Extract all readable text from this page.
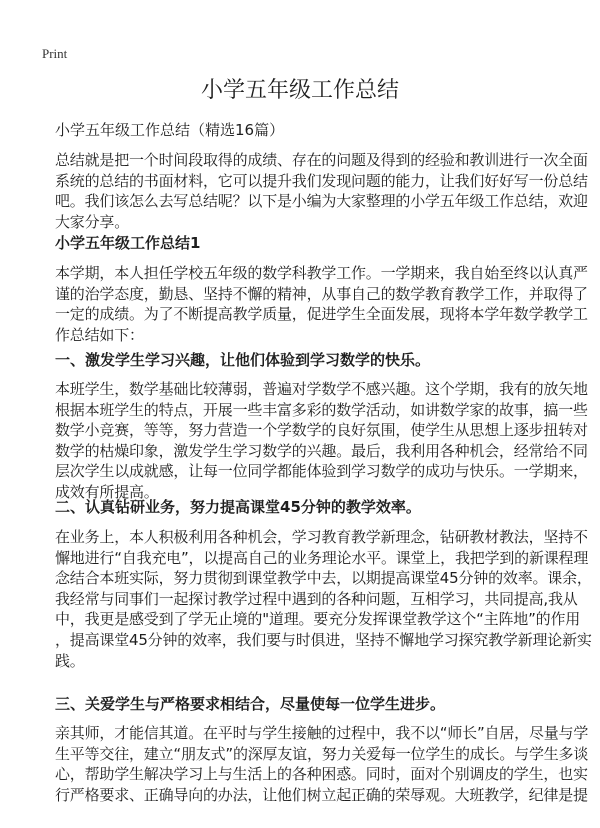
Print
小学五年级工作总结
小学五年级工作总结（精选16篇）
总结就是把一个时间段取得的成绩、存在的问题及得到的经验和教训进行一次全面
系统的总结的书面材料，它可以提升我们发现问题的能力，让我们好好写一份总结
吧。我们该怎么去写总结呢？以下是小编为大家整理的小学五年级工作总结，欢迎
大家分享。
小学五年级工作总结1
本学期，本人担任学校五年级的数学科教学工作。一学期来，我自始至终以认真严
谨的治学态度，勤恳、坚持不懈的精神，从事自己的数学教育教学工作，并取得了
一定的成绩。为了不断提高教学质量，促进学生全面发展，现将本学年数学教学工
作总结如下：
一、激发学生学习兴趣，让他们体验到学习数学的快乐。
本班学生，数学基础比较薄弱，普遍对学数学不感兴趣。这个学期，我有的放矢地
根据本班学生的特点，开展一些丰富多彩的数学活动，如讲数学家的故事，搞一些
数学小竞赛，等等，努力营造一个学数学的良好氛围，使学生从思想上逐步扭转对
数学的枯燥印象，激发学生学习数学的兴趣。最后，我利用各种机会，经常给不同
层次学生以成就感，让每一位同学都能体验到学习数学的成功与快乐。一学期来，
成效有所提高。
二、认真钻研业务，努力提高课堂45分钟的教学效率。
在业务上，本人积极利用各种机会，学习教育教学新理念，钻研教材教法，坚持不
懈地进行“自我充电”，以提高自己的业务理论水平。课堂上，我把学到的新课程理
念结合本班实际，努力贯彻到课堂教学中去，以期提高课堂45分钟的效率。课余，
我经常与同事们一起探讨教学过程中遇到的各种问题，互相学习，共同提高,我从
中，我更是感受到了学无止境的"道理。要充分发挥课堂教学这个“主阵地”的作用
，提高课堂45分钟的效率，我们要与时俱进，坚持不懈地学习探究教学新理论新实
践。
三、关爱学生与严格要求相结合，尽量使每一位学生进步。
亲其师，才能信其道。在平时与学生接触的过程中，我不以“师长”自居，尽量与学
生平等交往，建立“朋友式”的深厚友谊，努力关爱每一位学生的成长。与学生多谈
心，帮助学生解决学习上与生活上的各种困惑。同时，面对个别调皮的学生，也实
行严格要求、正确导向的办法，让他们树立起正确的荣辱观。大班教学，纪律是提
